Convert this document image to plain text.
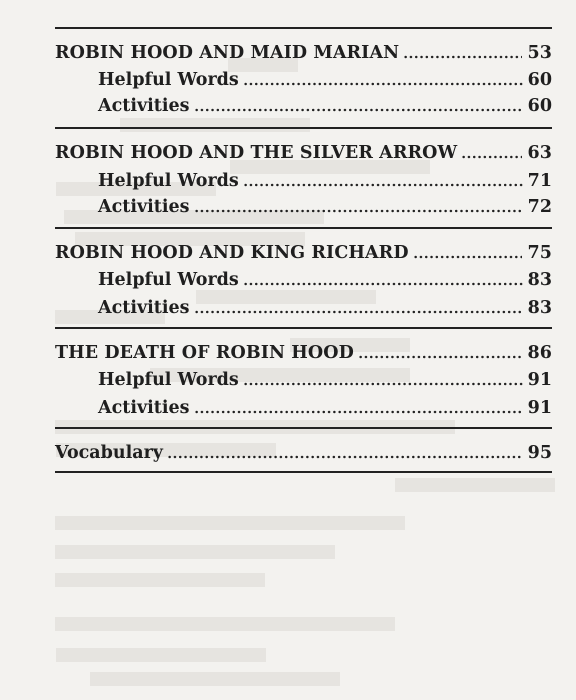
ROBIN HOOD AND MAID MARIAN	53
Helpful Words	60
Activities	60
ROBIN HOOD AND THE SILVER ARROW	63
Helpful Words	71
Activities	72
ROBIN HOOD AND KING RICHARD	75
Helpful Words	83
Activities	83
THE DEATH OF ROBIN HOOD	86
Helpful Words	91
Activities	91
Vocabulary	95
